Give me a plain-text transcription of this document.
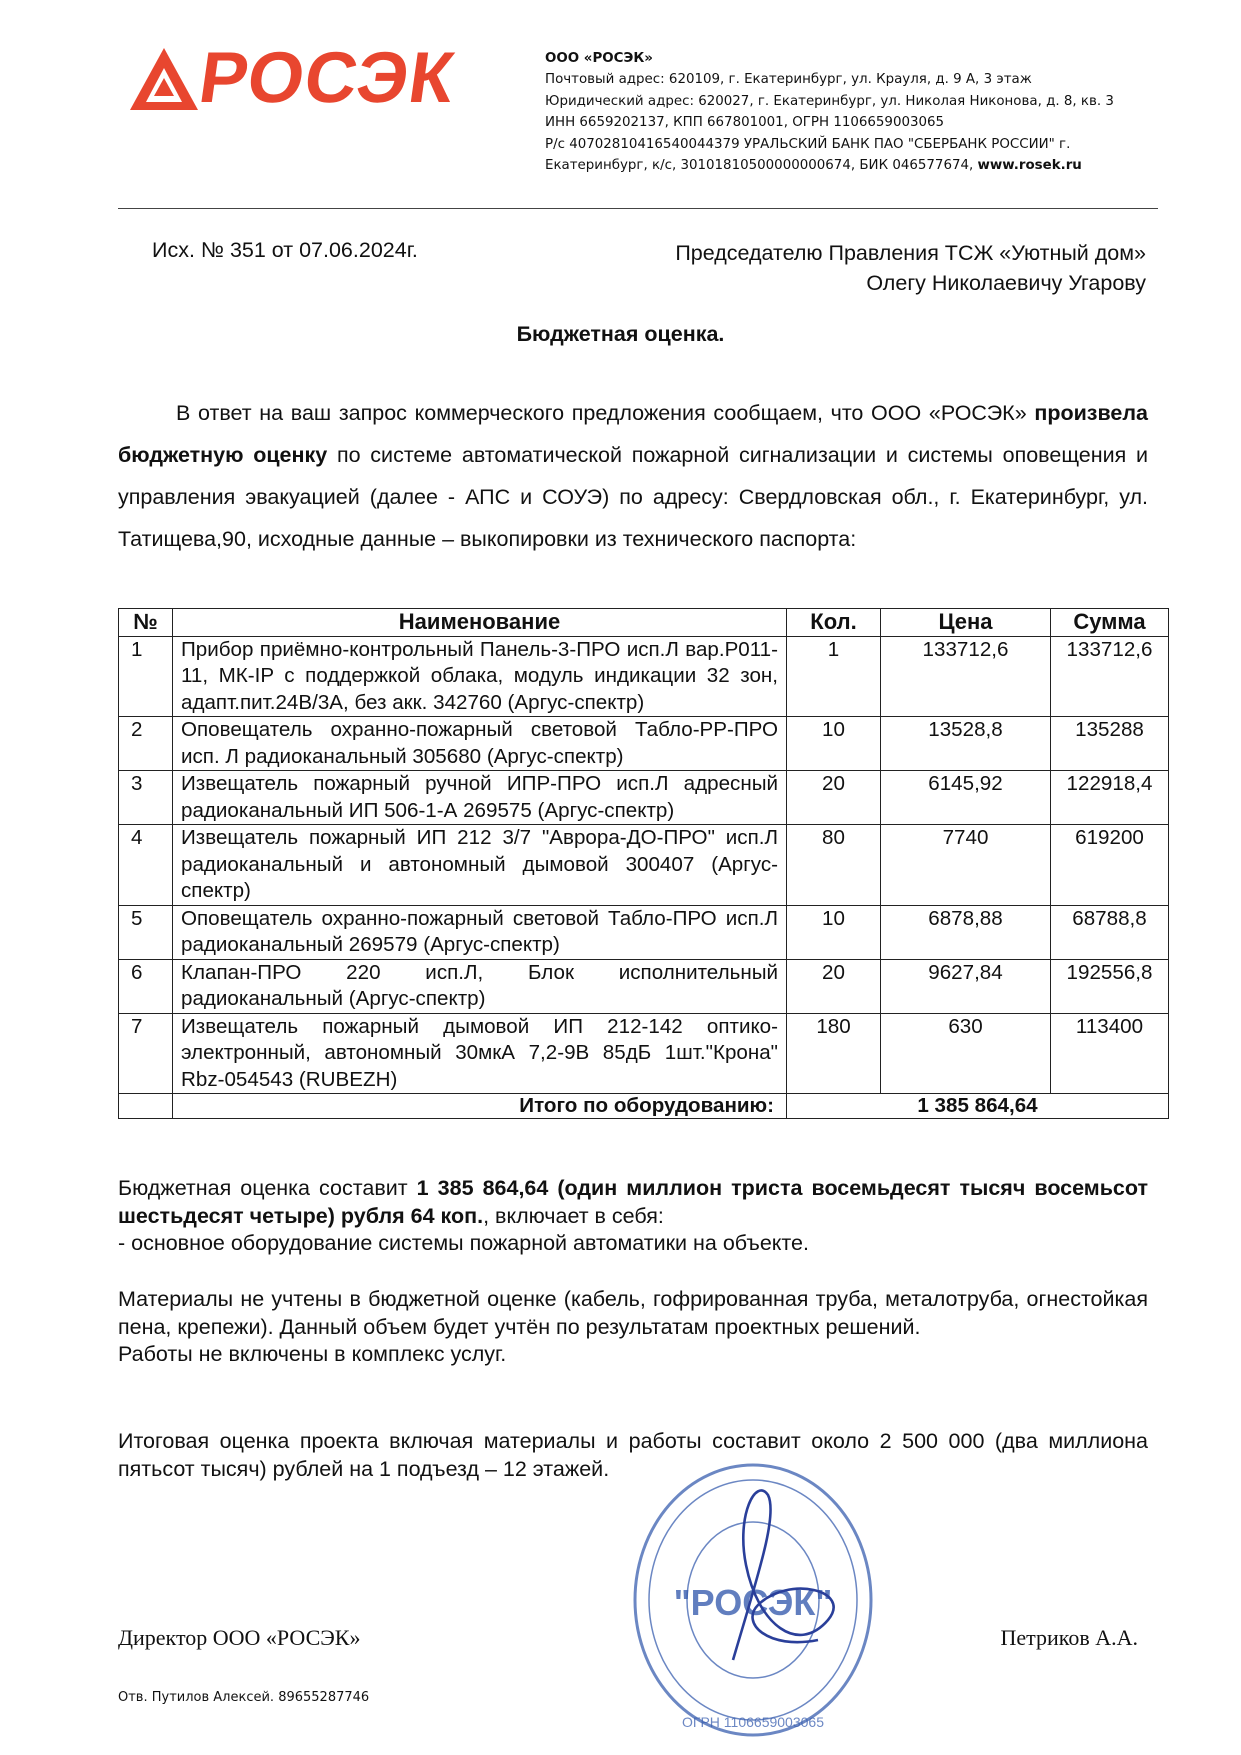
РОСЭК	ООО «РОСЭК»
Почтовый адрес: 620109, г. Екатеринбург, ул. Крауля, д. 9 А, 3 этаж
Юридический адрес: 620027, г. Екатеринбург, ул. Николая Никонова, д. 8, кв. 3
ИНН 6659202137, КПП 667801001, ОГРН 1106659003065
Р/с 40702810416540044379 УРАЛЬСКИЙ БАНК ПАО "СБЕРБАНК РОССИИ" г.
Екатеринбург, к/с, 30101810500000000674, БИК 046577674, www.rosek.ru
Исх. № 351 от 07.06.2024г.	Председателю Правления ТСЖ «Уютный дом»
Олегу Николаевичу Угарову
Бюджетная оценка.
В ответ на ваш запрос коммерческого предложения сообщаем, что ООО «РОСЭК» произвела бюджетную оценку по системе автоматической пожарной сигнализации и системы оповещения и управления эвакуацией (далее - АПС и СОУЭ) по адресу: Свердловская обл., г. Екатеринбург, ул. Татищева,90, исходные данные – выкопировки из технического паспорта:
№	Наименование	Кол.	Цена	Сумма
1	Прибор приёмно-контрольный Панель-3-ПРО исп.Л вар.Р011-11, МК-IP с поддержкой облака, модуль индикации 32 зон, адапт.пит.24В/3А, без акк. 342760 (Аргус-спектр)	1	133712,6	133712,6
2	Оповещатель охранно-пожарный световой Табло-РР-ПРО исп. Л радиоканальный 305680 (Аргус-спектр)	10	13528,8	135288
3	Извещатель пожарный ручной ИПР-ПРО исп.Л адресный радиоканальный ИП 506-1-А 269575 (Аргус-спектр)	20	6145,92	122918,4
4	Извещатель пожарный ИП 212 3/7 "Аврора-ДО-ПРО" исп.Л радиоканальный и автономный дымовой 300407 (Аргус-спектр)	80	7740	619200
5	Оповещатель охранно-пожарный световой Табло-ПРО исп.Л радиоканальный 269579 (Аргус-спектр)	10	6878,88	68788,8
6	Клапан-ПРО 220 исп.Л, Блок исполнительный радиоканальный (Аргус-спектр)	20	9627,84	192556,8
7	Извещатель пожарный дымовой ИП 212-142 оптико-электронный, автономный 30мкА 7,2-9В 85дБ 1шт."Крона" Rbz-054543 (RUBEZH)	180	630	113400
	Итого по оборудованию:	1 385 864,64		
Бюджетная оценка составит 1 385 864,64 (один миллион триста восемьдесят тысяч восемьсот шестьдесят четыре) рубля 64 коп., включает в себя:
- основное оборудование системы пожарной автоматики на объекте.
Материалы не учтены в бюджетной оценке (кабель, гофрированная труба, металотруба, огнестойкая пена, крепежи). Данный объем будет учтён по результатам проектных решений.
Работы не включены в комплекс услуг.
Итоговая оценка проекта включая материалы и работы составит около 2 500 000 (два миллиона пятьсот тысяч) рублей на 1 подъезд – 12 этажей.
"РОСЭК"
ОГРН 1106659003065
Директор ООО «РОСЭК»	Петриков А.А.
Отв. Путилов Алексей. 89655287746
